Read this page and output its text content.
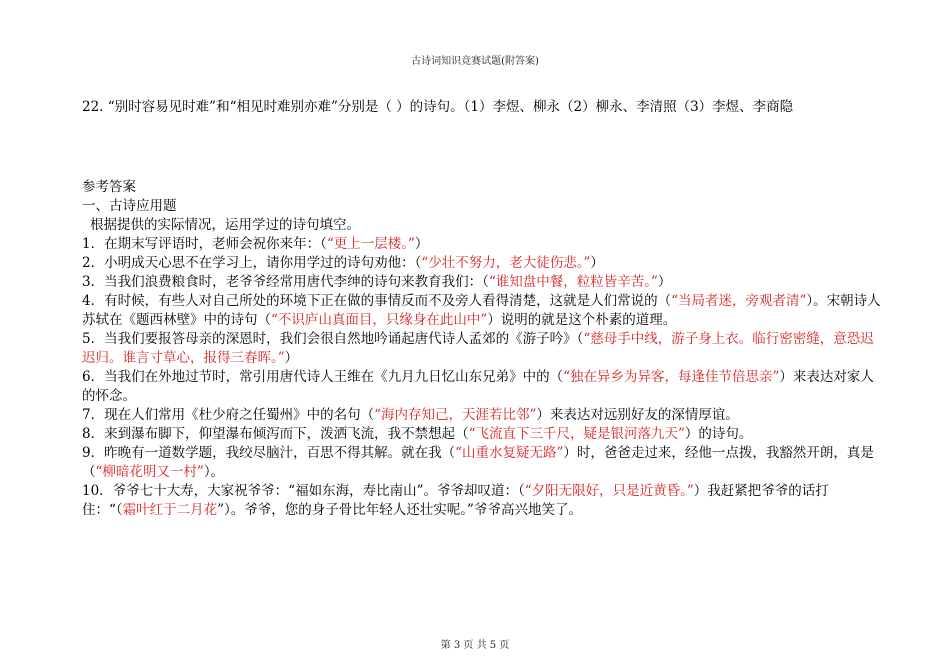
古诗词知识竞赛试题(附答案)
22. “别时容易见时难”和“相见时难别亦难”分别是（ ）的诗句。（1）李煜、柳永（2）柳永、李清照（3）李煜、李商隐
参考答案
一、古诗应用题
根据提供的实际情况，运用学过的诗句填空。
1．在期末写评语时，老师会祝你来年：（“更上一层楼。”）
2．小明成天心思不在学习上，请你用学过的诗句劝他：（“少壮不努力，老大徒伤悲。”）
3．当我们浪费粮食时，老爷爷经常用唐代李绅的诗句来教育我们：（“谁知盘中餐，粒粒皆辛苦。”）
4．有时候，有些人对自己所处的环境下正在做的事情反而不及旁人看得清楚，这就是人们常说的（“当局者迷，旁观者清”）。宋朝诗人苏轼在《题西林壁》中的诗句（“不识庐山真面目，只缘身在此山中”）说明的就是这个朴素的道理。
5．当我们要报答母亲的深恩时，我们会很自然地吟诵起唐代诗人孟郊的《游子吟》（“慈母手中线，游子身上衣。临行密密缝，意恐迟迟归。谁言寸草心，报得三春晖。”）
6．当我们在外地过节时，常引用唐代诗人王维在《九月九日忆山东兄弟》中的（“独在异乡为异客，每逢佳节倍思亲”）来表达对家人的怀念。
7．现在人们常用《杜少府之任蜀州》中的名句（“海内存知己，天涯若比邻”）来表达对远别好友的深情厚谊。
8．来到瀑布脚下，仰望瀑布倾泻而下，泼洒飞流，我不禁想起（“飞流直下三千尺，疑是银河落九天”）的诗句。
9．昨晚有一道数学题，我绞尽脑汁，百思不得其解。就在我（“山重水复疑无路”）时，爸爸走过来，经他一点拨，我豁然开朗，真是（“柳暗花明又一村”）。
10．爷爷七十大寿，大家祝爷爷：“福如东海，寿比南山”。爷爷却叹道：（“夕阳无限好，只是近黄昏。”）我赶紧把爷爷的话打住：“（霜叶红于二月花”）。爷爷，您的身子骨比年轻人还壮实呢。”爷爷高兴地笑了。
第 3 页 共 5 页
